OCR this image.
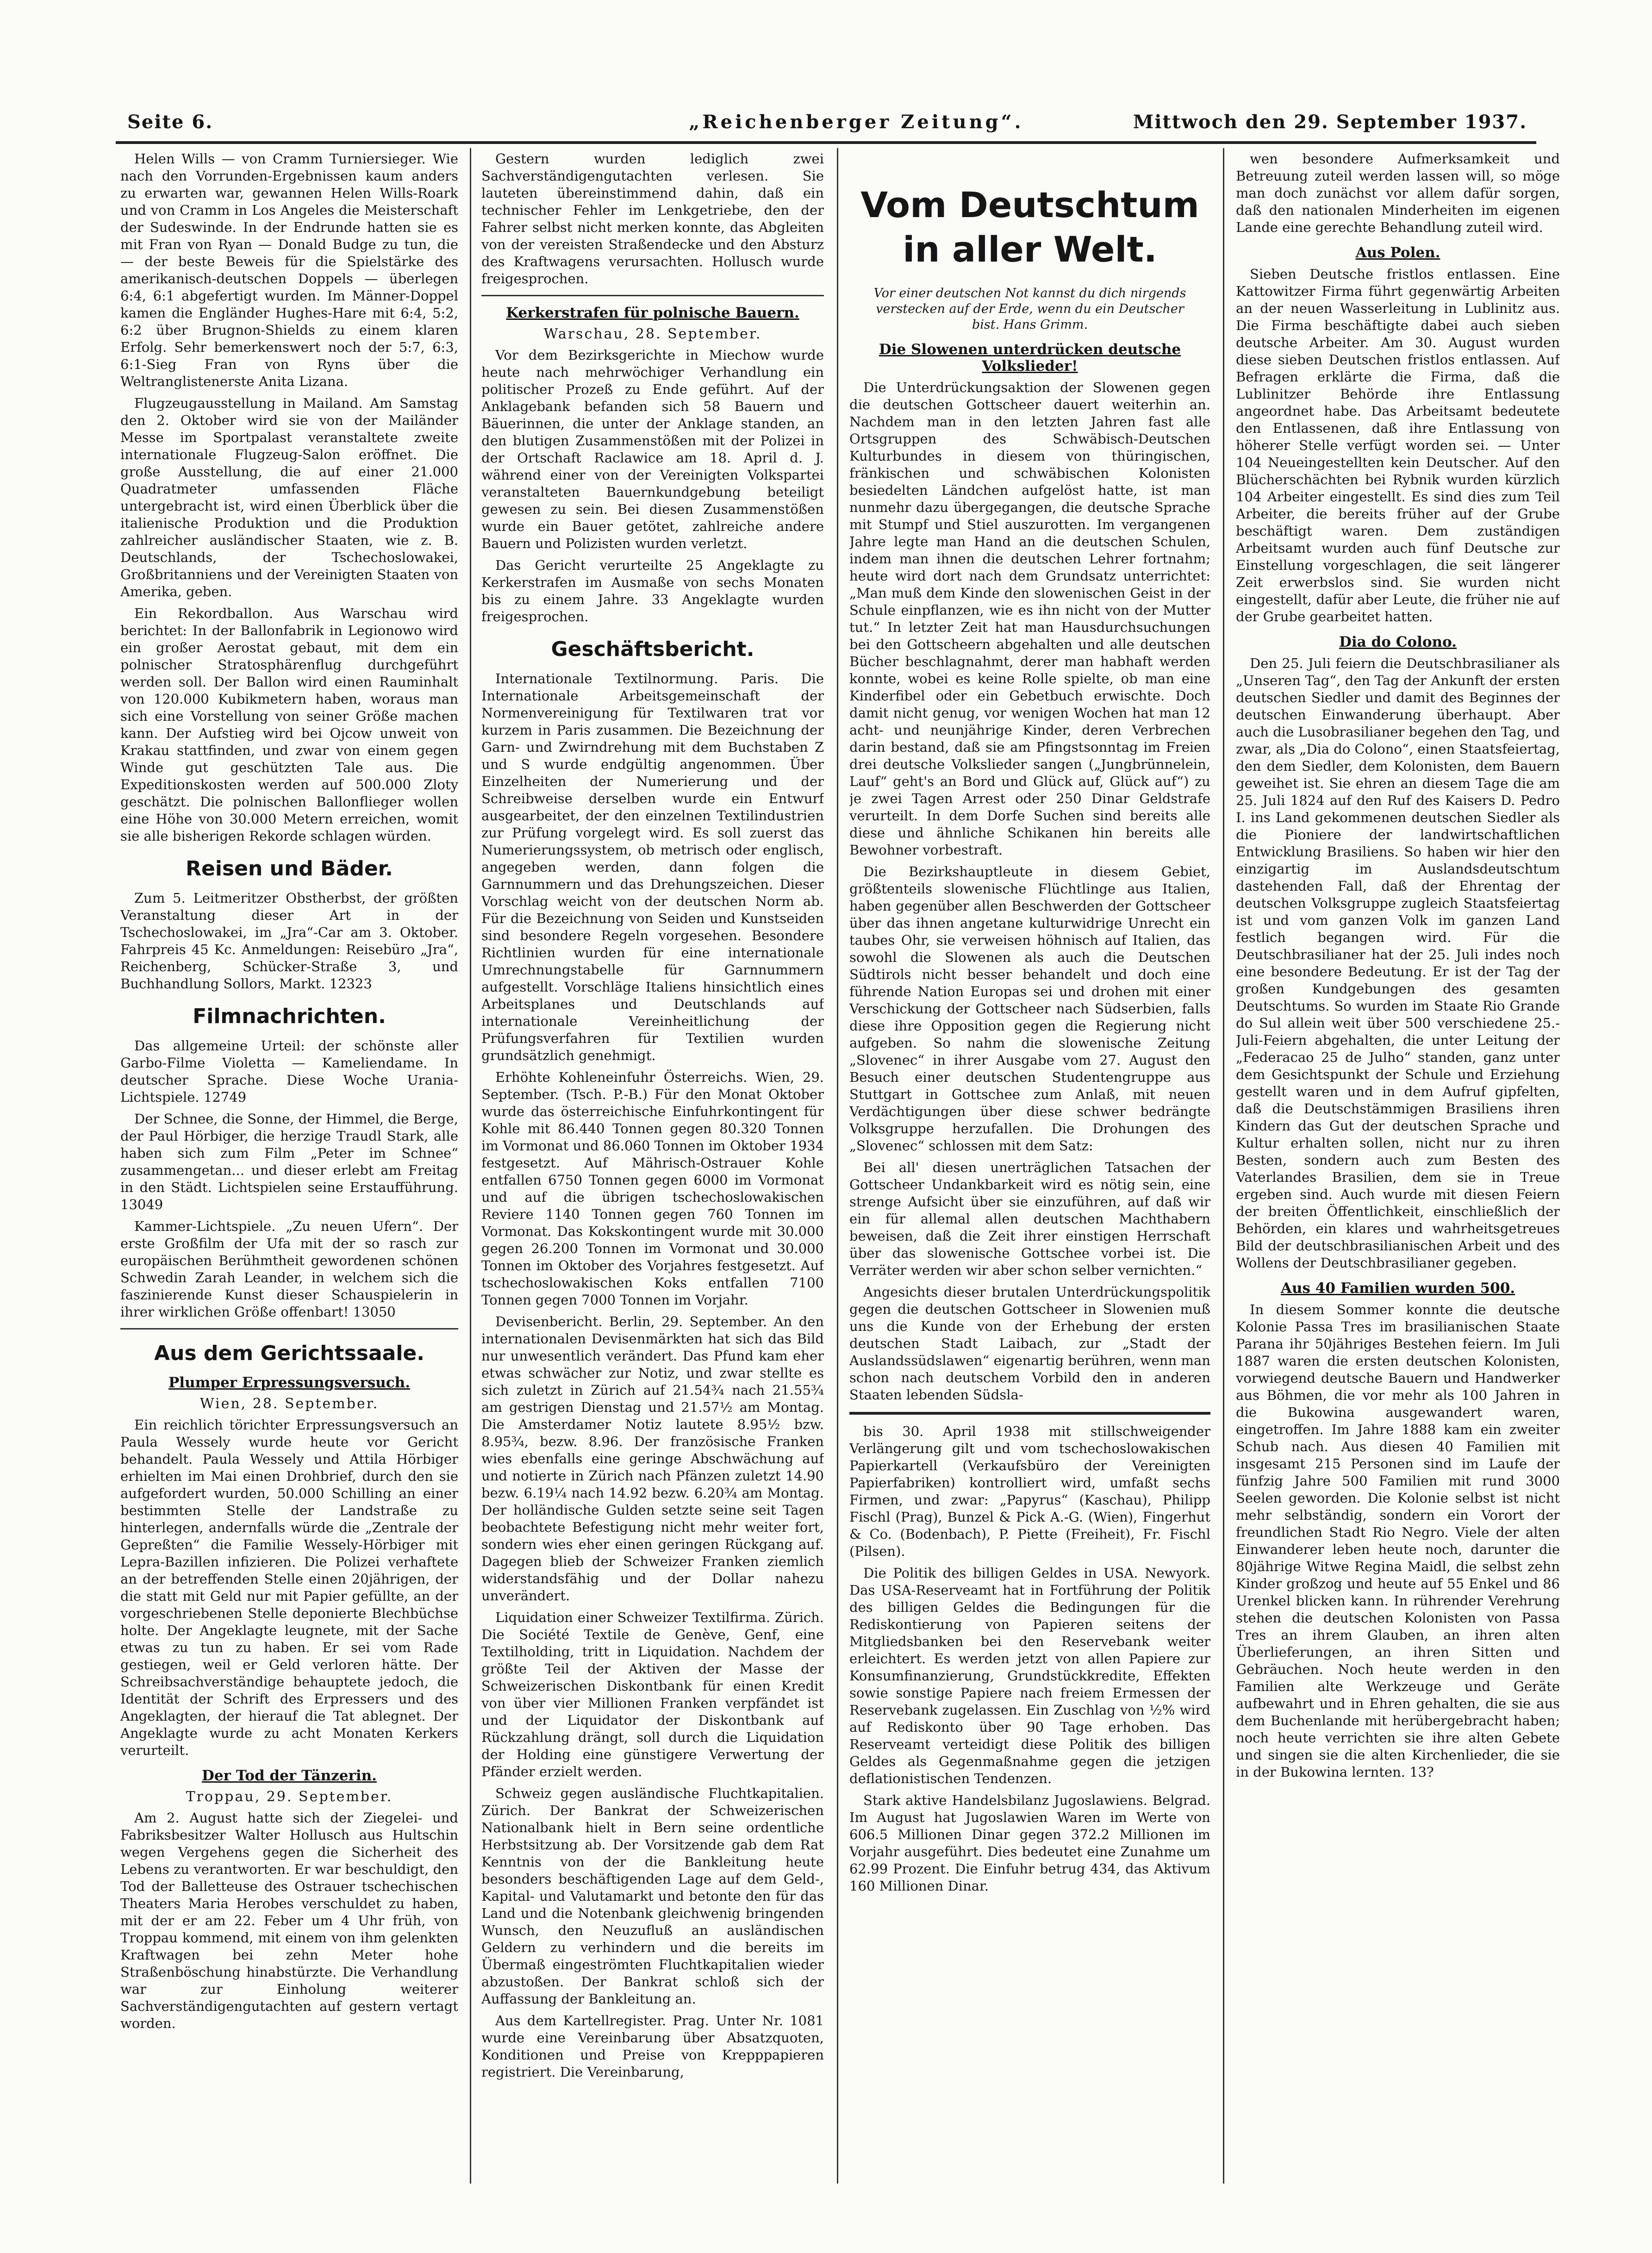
Seite 6.	„Reichenberger Zeitung“.	Mittwoch den 29. September 1937.

Helen Wills — von Cramm Turniersieger. Wie nach den Vorrunden-Ergebnissen kaum anders zu erwarten war, gewannen Helen Wills-Roark und von Cramm in Los Angeles die Meisterschaft der Sudeswinde. In der Endrunde hatten sie es mit Fran von Ryan — Donald Budge zu tun, die — der beste Beweis für die Spielstärke des amerikanisch-deutschen Doppels — überlegen 6:4, 6:1 abgefertigt wurden. Im Männer-Doppel kamen die Engländer Hughes-Hare mit 6:4, 5:2, 6:2 über Brugnon-Shields zu einem klaren Erfolg. Sehr bemerkenswert noch der 5:7, 6:3, 6:1-Sieg Fran von Ryns über die Weltranglistenerste Anita Lizana.

Flugzeugausstellung in Mailand. Am Samstag den 2. Oktober wird sie von der Mailänder Messe im Sportpalast veranstaltete zweite internationale Flugzeug-Salon eröffnet. Die große Ausstellung, die auf einer 21.000 Quadratmeter umfassenden Fläche untergebracht ist, wird einen Überblick über die italienische Produktion und die Produktion zahlreicher ausländischer Staaten, wie z. B. Deutschlands, der Tschechoslowakei, Großbritanniens und der Vereinigten Staaten von Amerika, geben.

Ein Rekordballon. Aus Warschau wird berichtet: In der Ballonfabrik in Legionowo wird ein großer Aerostat gebaut, mit dem ein polnischer Stratosphärenflug durchgeführt werden soll. Der Ballon wird einen Rauminhalt von 120.000 Kubikmetern haben, woraus man sich eine Vorstellung von seiner Größe machen kann. Der Aufstieg wird bei Ojcow unweit von Krakau stattfinden, und zwar von einem gegen Winde gut geschützten Tale aus. Die Expeditionskosten werden auf 500.000 Zloty geschätzt. Die polnischen Ballonflieger wollen eine Höhe von 30.000 Metern erreichen, womit sie alle bisherigen Rekorde schlagen würden.

Reisen und Bäder.

Zum 5. Leitmeritzer Obstherbst, der größten Veranstaltung dieser Art in der Tschechoslowakei, im „Jra“-Car am 3. Oktober. Fahrpreis 45 Kc. Anmeldungen: Reisebüro „Jra“, Reichenberg, Schücker-Straße 3, und Buchhandlung Sollors, Markt. 12323

Filmnachrichten.

Das allgemeine Urteil: der schönste aller Garbo-Filme Violetta — Kameliendame. In deutscher Sprache. Diese Woche Urania-Lichtspiele. 12749

Der Schnee, die Sonne, der Himmel, die Berge, der Paul Hörbiger, die herzige Traudl Stark, alle haben sich zum Film „Peter im Schnee“ zusammengetan... und dieser erlebt am Freitag in den Städt. Lichtspielen seine Erstaufführung. 13049

Kammer-Lichtspiele. „Zu neuen Ufern“. Der erste Großfilm der Ufa mit der so rasch zur europäischen Berühmtheit gewordenen schönen Schwedin Zarah Leander, in welchem sich die faszinierende Kunst dieser Schauspielerin in ihrer wirklichen Größe offenbart! 13050

Aus dem Gerichtssaale.
Plumper Erpressungsversuch.
Wien, 28. September.

Ein reichlich törichter Erpressungsversuch an Paula Wessely wurde heute vor Gericht behandelt. Paula Wessely und Attila Hörbiger erhielten im Mai einen Drohbrief, durch den sie aufgefordert wurden, 50.000 Schilling an einer bestimmten Stelle der Landstraße zu hinterlegen, andernfalls würde die „Zentrale der Gepreßten“ die Familie Wessely-Hörbiger mit Lepra-Bazillen infizieren. Die Polizei verhaftete an der betreffenden Stelle einen 20jährigen, der die statt mit Geld nur mit Papier gefüllte, an der vorgeschriebenen Stelle deponierte Blechbüchse holte. Der Angeklagte leugnete, mit der Sache etwas zu tun zu haben. Er sei vom Rade gestiegen, weil er Geld verloren hätte. Der Schreibsachverständige behauptete jedoch, die Identität der Schrift des Erpressers und des Angeklagten, der hierauf die Tat ablegnet. Der Angeklagte wurde zu acht Monaten Kerkers verurteilt.

Der Tod der Tänzerin.
Troppau, 29. September.

Am 2. August hatte sich der Ziegelei- und Fabriksbesitzer Walter Hollusch aus Hultschin wegen Vergehens gegen die Sicherheit des Lebens zu verantworten. Er war beschuldigt, den Tod der Balletteuse des Ostrauer tschechischen Theaters Maria Herobes verschuldet zu haben, mit der er am 22. Feber um 4 Uhr früh, von Troppau kommend, mit einem von ihm gelenkten Kraftwagen bei zehn Meter hohe Straßenböschung hinabstürzte. Die Verhandlung war zur Einholung weiterer Sachverständigengutachten auf gestern vertagt worden.

Gestern wurden lediglich zwei Sachverständigengutachten verlesen. Sie lauteten übereinstimmend dahin, daß ein technischer Fehler im Lenkgetriebe, den der Fahrer selbst nicht merken konnte, das Abgleiten von der vereisten Straßendecke und den Absturz des Kraftwagens verursachten. Hollusch wurde freigesprochen.

Kerkerstrafen für polnische Bauern.
Warschau, 28. September.

Vor dem Bezirksgerichte in Miechow wurde heute nach mehrwöchiger Verhandlung ein politischer Prozeß zu Ende geführt. Auf der Anklagebank befanden sich 58 Bauern und Bäuerinnen, die unter der Anklage standen, an den blutigen Zusammenstößen mit der Polizei in der Ortschaft Raclawice am 18. April d. J. während einer von der Vereinigten Volkspartei veranstalteten Bauernkundgebung beteiligt gewesen zu sein. Bei diesen Zusammenstößen wurde ein Bauer getötet, zahlreiche andere Bauern und Polizisten wurden verletzt.

Das Gericht verurteilte 25 Angeklagte zu Kerkerstrafen im Ausmaße von sechs Monaten bis zu einem Jahre. 33 Angeklagte wurden freigesprochen.

Geschäftsbericht.

Internationale Textilnormung. Paris. Die Internationale Arbeitsgemeinschaft der Normenvereinigung für Textilwaren trat vor kurzem in Paris zusammen. Die Bezeichnung der Garn- und Zwirndrehung mit dem Buchstaben Z und S wurde endgültig angenommen. Über Einzelheiten der Numerierung und der Schreibweise derselben wurde ein Entwurf ausgearbeitet, der den einzelnen Textilindustrien zur Prüfung vorgelegt wird. Es soll zuerst das Numerierungssystem, ob metrisch oder englisch, angegeben werden, dann folgen die Garnnummern und das Drehungszeichen. Dieser Vorschlag weicht von der deutschen Norm ab. Für die Bezeichnung von Seiden und Kunstseiden sind besondere Regeln vorgesehen. Besondere Richtlinien wurden für eine internationale Umrechnungstabelle für Garnnummern aufgestellt. Vorschläge Italiens hinsichtlich eines Arbeitsplanes und Deutschlands auf internationale Vereinheitlichung der Prüfungsverfahren für Textilien wurden grundsätzlich genehmigt.

Erhöhte Kohleneinfuhr Österreichs. Wien, 29. September. (Tsch. P.-B.) Für den Monat Oktober wurde das österreichische Einfuhrkontingent für Kohle mit 86.440 Tonnen gegen 80.320 Tonnen im Vormonat und 86.060 Tonnen im Oktober 1934 festgesetzt. Auf Mährisch-Ostrauer Kohle entfallen 6750 Tonnen gegen 6000 im Vormonat und auf die übrigen tschechoslowakischen Reviere 1140 Tonnen gegen 760 Tonnen im Vormonat. Das Kokskontingent wurde mit 30.000 gegen 26.200 Tonnen im Vormonat und 30.000 Tonnen im Oktober des Vorjahres festgesetzt. Auf tschechoslowakischen Koks entfallen 7100 Tonnen gegen 7000 Tonnen im Vorjahr.

Devisenbericht. Berlin, 29. September. An den internationalen Devisenmärkten hat sich das Bild nur unwesentlich verändert. Das Pfund kam eher etwas schwächer zur Notiz, und zwar stellte es sich zuletzt in Zürich auf 21.54¾ nach 21.55¾ am gestrigen Dienstag und 21.57½ am Montag. Die Amsterdamer Notiz lautete 8.95½ bzw. 8.95¾, bezw. 8.96. Der französische Franken wies ebenfalls eine geringe Abschwächung auf und notierte in Zürich nach Pfänzen zuletzt 14.90 bezw. 6.19¼ nach 14.92 bezw. 6.20¾ am Montag. Der holländische Gulden setzte seine seit Tagen beobachtete Befestigung nicht mehr weiter fort, sondern wies eher einen geringen Rückgang auf. Dagegen blieb der Schweizer Franken ziemlich widerstandsfähig und der Dollar nahezu unverändert.

Liquidation einer Schweizer Textilfirma. Zürich. Die Société Textile de Genève, Genf, eine Textilholding, tritt in Liquidation. Nachdem der größte Teil der Aktiven der Masse der Schweizerischen Diskontbank für einen Kredit von über vier Millionen Franken verpfändet ist und der Liquidator der Diskontbank auf Rückzahlung drängt, soll durch die Liquidation der Holding eine günstigere Verwertung der Pfänder erzielt werden.

Schweiz gegen ausländische Fluchtkapitalien. Zürich. Der Bankrat der Schweizerischen Nationalbank hielt in Bern seine ordentliche Herbstsitzung ab. Der Vorsitzende gab dem Rat Kenntnis von der die Bankleitung heute besonders beschäftigenden Lage auf dem Geld-, Kapital- und Valutamarkt und betonte den für das Land und die Notenbank gleichwenig bringenden Wunsch, den Neuzufluß an ausländischen Geldern zu verhindern und die bereits im Übermaß eingeströmten Fluchtkapitalien wieder abzustoßen. Der Bankrat schloß sich der Auffassung der Bankleitung an.

Aus dem Kartellregister. Prag. Unter Nr. 1081 wurde eine Vereinbarung über Absatzquoten, Konditionen und Preise von Krepppapieren registriert. Die Vereinbarung,

Vom Deutschtum in aller Welt.
Vor einer deutschen Not kannst du dich nirgends verstecken auf der Erde, wenn du ein Deutscher bist. Hans Grimm.
Die Slowenen unterdrücken deutsche Volkslieder!

Die Unterdrückungsaktion der Slowenen gegen die deutschen Gottscheer dauert weiterhin an. Nachdem man in den letzten Jahren fast alle Ortsgruppen des Schwäbisch-Deutschen Kulturbundes in diesem von thüringischen, fränkischen und schwäbischen Kolonisten besiedelten Ländchen aufgelöst hatte, ist man nunmehr dazu übergegangen, die deutsche Sprache mit Stumpf und Stiel auszurotten. Im vergangenen Jahre legte man Hand an die deutschen Schulen, indem man ihnen die deutschen Lehrer fortnahm; heute wird dort nach dem Grundsatz unterrichtet: „Man muß dem Kinde den slowenischen Geist in der Schule einpflanzen, wie es ihn nicht von der Mutter tut.“ In letzter Zeit hat man Hausdurchsuchungen bei den Gottscheern abgehalten und alle deutschen Bücher beschlagnahmt, derer man habhaft werden konnte, wobei es keine Rolle spielte, ob man eine Kinderfibel oder ein Gebetbuch erwischte. Doch damit nicht genug, vor wenigen Wochen hat man 12 acht- und neunjährige Kinder, deren Verbrechen darin bestand, daß sie am Pfingstsonntag im Freien drei deutsche Volkslieder sangen („Jungbrünnelein, Lauf“ geht's an Bord und Glück auf, Glück auf“) zu je zwei Tagen Arrest oder 250 Dinar Geldstrafe verurteilt. In dem Dorfe Suchen sind bereits alle diese und ähnliche Schikanen hin bereits alle Bewohner vorbestraft.

Die Bezirkshauptleute in diesem Gebiet, größtenteils slowenische Flüchtlinge aus Italien, haben gegenüber allen Beschwerden der Gottscheer über das ihnen angetane kulturwidrige Unrecht ein taubes Ohr, sie verweisen höhnisch auf Italien, das sowohl die Slowenen als auch die Deutschen Südtirols nicht besser behandelt und doch eine führende Nation Europas sei und drohen mit einer Verschickung der Gottscheer nach Südserbien, falls diese ihre Opposition gegen die Regierung nicht aufgeben. So nahm die slowenische Zeitung „Slovenec“ in ihrer Ausgabe vom 27. August den Besuch einer deutschen Studentengruppe aus Stuttgart in Gottschee zum Anlaß, mit neuen Verdächtigungen über diese schwer bedrängte Volksgruppe herzufallen. Die Drohungen des „Slovenec“ schlossen mit dem Satz:

Bei all' diesen unerträglichen Tatsachen der Gottscheer Undankbarkeit wird es nötig sein, eine strenge Aufsicht über sie einzuführen, auf daß wir ein für allemal allen deutschen Machthabern beweisen, daß die Zeit ihrer einstigen Herrschaft über das slowenische Gottschee vorbei ist. Die Verräter werden wir aber schon selber vernichten.“

Angesichts dieser brutalen Unterdrückungspolitik gegen die deutschen Gottscheer in Slowenien muß uns die Kunde von der Erhebung der ersten deutschen Stadt Laibach, zur „Stadt der Auslandssüdslawen“ eigenartig berühren, wenn man schon nach deutschem Vorbild den in anderen Staaten lebenden Südsla-

bis 30. April 1938 mit stillschweigender Verlängerung gilt und vom tschechoslowakischen Papierkartell (Verkaufsbüro der Vereinigten Papierfabriken) kontrolliert wird, umfaßt sechs Firmen, und zwar: „Papyrus“ (Kaschau), Philipp Fischl (Prag), Bunzel & Pick A.-G. (Wien), Fingerhut & Co. (Bodenbach), P. Piette (Freiheit), Fr. Fischl (Pilsen).

Die Politik des billigen Geldes in USA. Newyork. Das USA-Reserveamt hat in Fortführung der Politik des billigen Geldes die Bedingungen für die Rediskontierung von Papieren seitens der Mitgliedsbanken bei den Reservebank weiter erleichtert. Es werden jetzt von allen Papiere zur Konsumfinanzierung, Grundstückkredite, Effekten sowie sonstige Papiere nach freiem Ermessen der Reservebank zugelassen. Ein Zuschlag von ½% wird auf Rediskonto über 90 Tage erhoben. Das Reserveamt verteidigt diese Politik des billigen Geldes als Gegenmaßnahme gegen die jetzigen deflationistischen Tendenzen.

Stark aktive Handelsbilanz Jugoslawiens. Belgrad. Im August hat Jugoslawien Waren im Werte von 606.5 Millionen Dinar gegen 372.2 Millionen im Vorjahr ausgeführt. Dies bedeutet eine Zunahme um 62.99 Prozent. Die Einfuhr betrug 434, das Aktivum 160 Millionen Dinar.

wen besondere Aufmerksamkeit und Betreuung zuteil werden lassen will, so möge man doch zunächst vor allem dafür sorgen, daß den nationalen Minderheiten im eigenen Lande eine gerechte Behandlung zuteil wird.

Aus Polen.

Sieben Deutsche fristlos entlassen. Eine Kattowitzer Firma führt gegenwärtig Arbeiten an der neuen Wasserleitung in Lublinitz aus. Die Firma beschäftigte dabei auch sieben deutsche Arbeiter. Am 30. August wurden diese sieben Deutschen fristlos entlassen. Auf Befragen erklärte die Firma, daß die Lublinitzer Behörde ihre Entlassung angeordnet habe. Das Arbeitsamt bedeutete den Entlassenen, daß ihre Entlassung von höherer Stelle verfügt worden sei. — Unter 104 Neueingestellten kein Deutscher. Auf den Blücherschächten bei Rybnik wurden kürzlich 104 Arbeiter eingestellt. Es sind dies zum Teil Arbeiter, die bereits früher auf der Grube beschäftigt waren. Dem zuständigen Arbeitsamt wurden auch fünf Deutsche zur Einstellung vorgeschlagen, die seit längerer Zeit erwerbslos sind. Sie wurden nicht eingestellt, dafür aber Leute, die früher nie auf der Grube gearbeitet hatten.

Dia do Colono.

Den 25. Juli feiern die Deutschbrasilianer als „Unseren Tag“, den Tag der Ankunft der ersten deutschen Siedler und damit des Beginnes der deutschen Einwanderung überhaupt. Aber auch die Lusobrasilianer begehen den Tag, und zwar, als „Dia do Colono“, einen Staatsfeiertag, den dem Siedler, dem Kolonisten, dem Bauern geweihet ist. Sie ehren an diesem Tage die am 25. Juli 1824 auf den Ruf des Kaisers D. Pedro I. ins Land gekommenen deutschen Siedler als die Pioniere der landwirtschaftlichen Entwicklung Brasiliens. So haben wir hier den einzigartig im Auslandsdeutschtum dastehenden Fall, daß der Ehrentag der deutschen Volksgruppe zugleich Staatsfeiertag ist und vom ganzen Volk im ganzen Land festlich begangen wird. Für die Deutschbrasilianer hat der 25. Juli indes noch eine besondere Bedeutung. Er ist der Tag der großen Kundgebungen des gesamten Deutschtums. So wurden im Staate Rio Grande do Sul allein weit über 500 verschiedene 25.-Juli-Feiern abgehalten, die unter Leitung der „Federacao 25 de Julho“ standen, ganz unter dem Gesichtspunkt der Schule und Erziehung gestellt waren und in dem Aufruf gipfelten, daß die Deutschstämmigen Brasiliens ihren Kindern das Gut der deutschen Sprache und Kultur erhalten sollen, nicht nur zu ihren Besten, sondern auch zum Besten des Vaterlandes Brasilien, dem sie in Treue ergeben sind. Auch wurde mit diesen Feiern der breiten Öffentlichkeit, einschließlich der Behörden, ein klares und wahrheitsgetreues Bild der deutschbrasilianischen Arbeit und des Wollens der Deutschbrasilianer gegeben.

Aus 40 Familien wurden 500.

In diesem Sommer konnte die deutsche Kolonie Passa Tres im brasilianischen Staate Parana ihr 50jähriges Bestehen feiern. Im Juli 1887 waren die ersten deutschen Kolonisten, vorwiegend deutsche Bauern und Handwerker aus Böhmen, die vor mehr als 100 Jahren in die Bukowina ausgewandert waren, eingetroffen. Im Jahre 1888 kam ein zweiter Schub nach. Aus diesen 40 Familien mit insgesamt 215 Personen sind im Laufe der fünfzig Jahre 500 Familien mit rund 3000 Seelen geworden. Die Kolonie selbst ist nicht mehr selbständig, sondern ein Vorort der freundlichen Stadt Rio Negro. Viele der alten Einwanderer leben heute noch, darunter die 80jährige Witwe Regina Maidl, die selbst zehn Kinder großzog und heute auf 55 Enkel und 86 Urenkel blicken kann. In rührender Verehrung stehen die deutschen Kolonisten von Passa Tres an ihrem Glauben, an ihren alten Überlieferungen, an ihren Sitten und Gebräuchen. Noch heute werden in den Familien alte Werkzeuge und Geräte aufbewahrt und in Ehren gehalten, die sie aus dem Buchenlande mit herübergebracht haben; noch heute verrichten sie ihre alten Gebete und singen sie die alten Kirchenlieder, die sie in der Bukowina lernten. 13?
